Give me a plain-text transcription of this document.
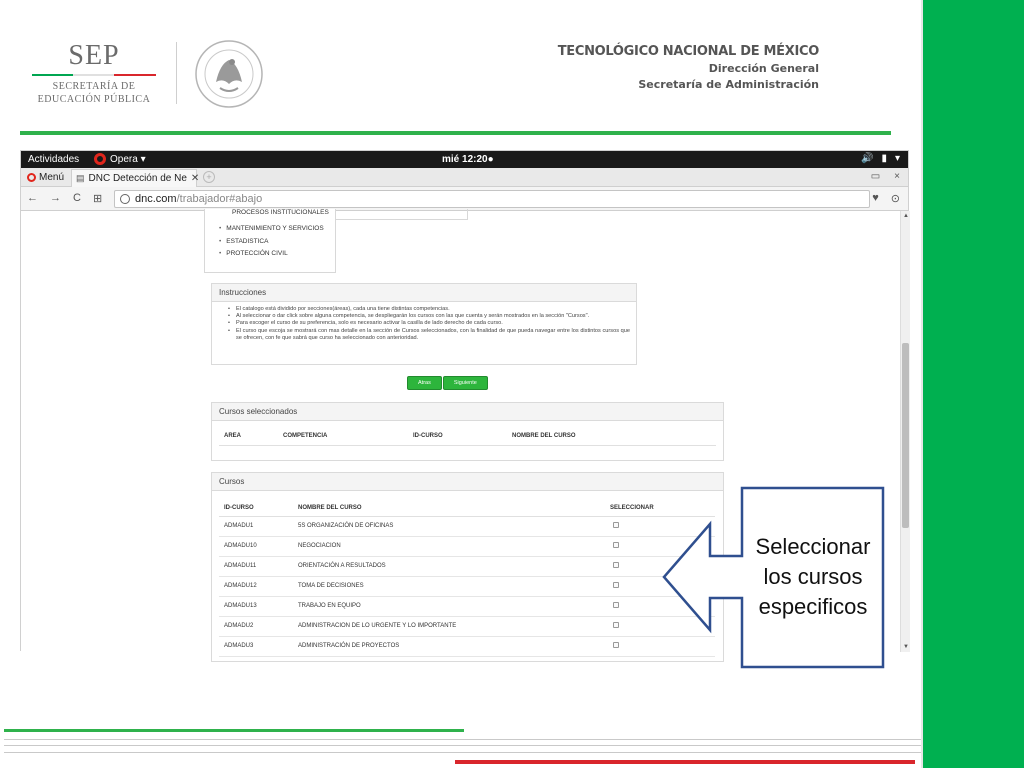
SEP
SECRETARÍA DE
EDUCACIÓN PÚBLICA
TECNOLÓGICO NACIONAL DE MÉXICO
Dirección General
Secretaría de Administración
Actividades	Opera ▾	mié 12:20●	🔊 ▮ ▾
Menú ▤ DNC Detección de Ne ✕ +	▭ ×
← → C ⊞	dnc.com /trabajador#abajo	♥ ⊙
PROCESOS INSTITUCIONALES
• MANTENIMIENTO Y SERVICIOS
• ESTADISTICA
• PROTECCIÓN CIVIL
Instrucciones
• El catalogo está dividido por secciones(áreas), cada una tiene distintas competencias.
• Al seleccionar o dar click sobre alguna competencia, se despliegarán los cursos con las que cuenta y serán mostrados en la sección "Cursos".
• Para escoger el curso de su preferencia, solo es necesario activar la casilla de lado derecho de cada curso.
• El curso que escoja se mostrará con mas detalle en la sección de Cursos seleccionados, con la finalidad de que pueda navegar entre los distintos cursos que se ofrecen, con fe que sabrá que curso ha seleccionado con anterioridad.
Atras	Siguiente
Cursos seleccionados
AREA	COMPETENCIA	ID-CURSO	NOMBRE DEL CURSO
Cursos
ID-CURSO	NOMBRE DEL CURSO	SELECCIONAR
ADMADU1	5S ORGANIZACIÓN DE OFICINAS	
ADMADU10	NEGOCIACION	
ADMADU11	ORIENTACIÓN A RESULTADOS	
ADMADU12	TOMA DE DECISIONES	
ADMADU13	TRABAJO EN EQUIPO	
ADMADU2	ADMINISTRACION DE LO URGENTE Y LO IMPORTANTE	
ADMADU3	ADMINISTRACIÓN DE PROYECTOS	
▲
▼
Seleccionar
los cursos
especificos
